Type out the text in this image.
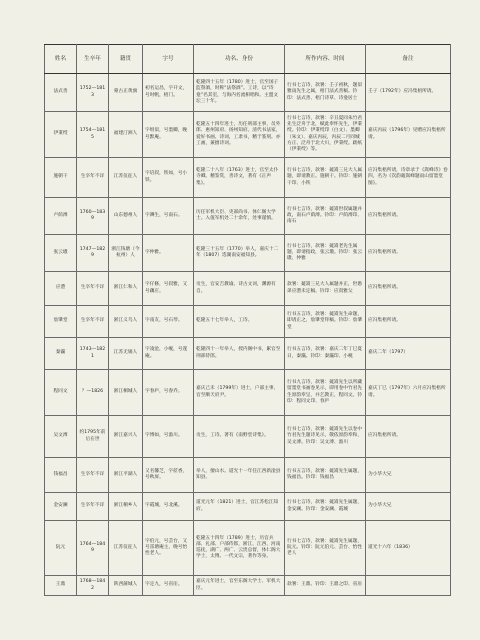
姓名	生卒年	籍贯	字号	功名、身份	所作内容、时间	备注
法式善	1752—1813	蒙古正黄旗	初名运昌，字开文，号时帆，梧门。	乾隆四十五年（1780）进士，官至国子监祭酒，时称“法祭酒”。工诗，以“诗龛”名其室，与海内名流相唱和。主盟文坛三十年。	行书七言诗，款署：壬子初秋，题似雅雨先生之属，梧门法式善稿。钤印：法式善、梧门诗草、诗龛居士	壬子（1792年）应冯集梧所请。
伊秉绶	1754—1815	福建汀洲人	字组似，号墨卿，晚号默庵。	乾隆五十四年进士，历任刑部主事，员外郎、惠州知府、扬州知府。清代书法家，爱好书画、诗词，工隶书，精于篆刻。亦工画，兼擅诗词。	行书七言诗，款署：辛丑夏同朱竹君先生泛舟于北，赋此奉怀先生，伊秉绶。钤印：伊秉绶印（白文）、墨卿（朱文）、嘉庆丙辰，丙辰二月同城方正、泛舟于北大川，伊秉绶。跋纸（伊秉绶）等。	嘉庆丙辰（1796年）见赠应冯集梧所请。
施朝干	生卒年不详	江苏仪征人	字培叔，铁如，号小铁。	乾隆二十八年（1763）进士，官至太仆寺卿。精鉴赏，善诗文，著有《正声集》。	行书七言诗，款署：薨嵩三兄大人属题，即请教正。施朝干。钤印：施朝干印、小铁	应冯集梧所请，诗章录于《嵩峰诗》卷四，名为《次韵薨嵩峰题雨山留墨堂图》。
卢荫溥	1760—1839	山东德州人	字霽生，号南石。	历任军机大臣、吏部尚书、体仁阁大学士。入值军机处二十余年，处事谨慎。	行书七言诗，款署：薨嵩世叔属题并政，南石卢荫溥。钤印：卢荫溥印、南石	应冯集梧所请。
张云璈	1747—1829	浙江钱塘（今杭州）人	字仲雅。	乾隆三十五年（1770）举人，嘉庆十二年（1807）选湖南安福知县。	行书七言诗，款署：薨嵩老先生属题，即请指政，张云璈。钤印：张云璈、仲雅	应冯集梧所请。
应澧	生卒年不详	浙江仁和人	字仔修，号叔雅，又号藕庄。	贡生，官安吉教谕。诗古文词，渊源有自。	款署：薨嵩三兄大人属题并正，世愚弟应澧未定稿。钤印：应叔雅父	应冯集梧所请。
詹肇堂	生卒年不详	浙江义乌人	字南友，号石琴。	乾隆五十七年举人，工诗。	行书五言诗，款署：薨嵩先生命题，即请正之，詹肇堂拜稿。钤印：詹肇堂	应冯集梧所请。
秦瀛	1743—1821	江苏无锡人	字凌沧，小岘，号遂庵。	乾隆四十一年举人，授内阁中书，累官至刑部侍郎。	行书五言诗，款署：嘉庆二年丁巳夏日，秦瀛。钤印：秦瀛印、小岘	嘉庆二年（1797）
程同文	？—1826	浙江桐城人	字春庐，号春乔。	嘉庆己未（1799年）进士，户部主事，官至顺天府尹。	行书九言诗，款署：薨嵩先生以所藏留墨堂书画卷见示，即用卷中竹君先生原韵奉呈，并乞教正，程同文。钤印：程同文印、春庐	嘉庆丁巳（1797年）六月应冯集梧所请。
吴文溥	约1795年前后在世	浙江嘉兴人	字博如，号澹川。	贡生，工诗。著有《南野堂诗集》。	行书七言诗，款署：薨嵩先生以卷中竹君先生题诗见示，敬依原韵奉和，吴文溥。钤印：吴文溥、澹川	应冯集梧所请。
钱福昌	生卒年不详	浙江平湖人	又名馨芝，字茝香，号秋屏。	举人，擅山水。道光十一年任江西新淦县知县。	行书五言诗，款署：薨嵩先生属题，钱福昌。钤印：钱福昌	为小华大兄
金安澜	生卒年不详	浙江桐乡人	字霞城，号北溪。	道光元年（1821）进士，官江苏松江知府。	行书七言诗，款署：薨嵩先生属题，金安澜。钤印：金安澜、霞城	为小华大兄
阮元	1764—1849	江苏仪征人	字伯元，号芸台，又号雷塘庵主，晚号怡性老人。	乾隆五十四年（1789）进士，历官兵部、礼部、户部侍郎，浙江、江西、河南巡抚，湖广、两广、云贵总督，体仁阁大学士，太傅。一代文宗，著作等身。	行书七言诗，款署：薨嵩先生属题，阮元。钤印：阮元伯元、芸台、怡性老人	道光十六年（1836）
王鼎	1768—1842	陕西蒲城人	字定九，号省厓。	嘉庆元年进士，官至东阁大学士、军机大臣。	款署：王鼎。钤印：王鼎之印、省厓	
